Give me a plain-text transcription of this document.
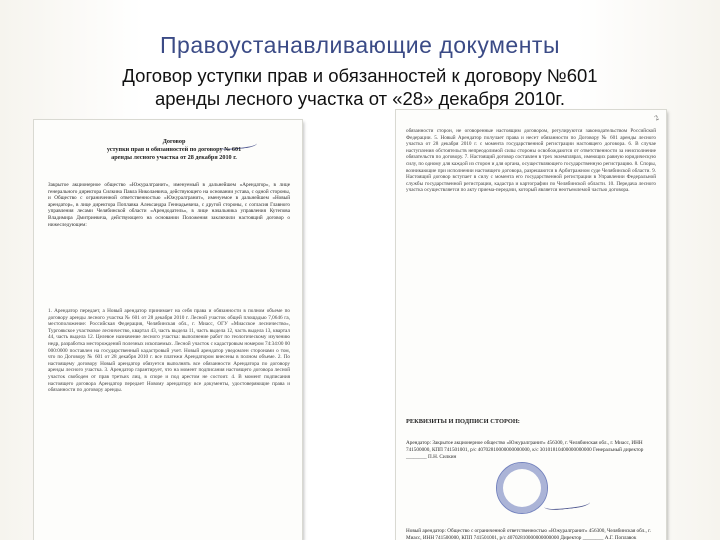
Правоустанавливающие документы
Договор уступки прав и обязанностей к договору №601 аренды лесного участка от «28» декабря 2010г.
Договор
уступки прав и обязанностей по договору № 601
аренды лесного участка от 28 декабря 2010 г.
Закрытое акционерное общество «Южуралгранит», именуемый в дальнейшем «Арендатор», в лице генерального директора Силкина Павла Николаевича, действующего на основании устава, с одной стороны, и Общество с ограниченной ответственностью «Южуралгранит», именуемое в дальнейшем «Новый арендатор», в лице директора Поплавка Александра Геннадьевича, с другой стороны, с согласия Главного управления лесами Челябинской области «Арендодатель», в лице начальника управления Кутепова Владимира Дмитриевича, действующего на основании Положения заключили настоящий договор о нижеследующем:
1. Арендатор передает, а Новый арендатор принимает на себя права и обязанности в полном объеме по договору аренды лесного участка № 601 от 28 декабря 2010 г. Лесной участок общей площадью 7,0646 га, местоположение: Российская Федерация, Челябинская обл., г. Миасс, ОГУ «Миасское лесничество», Тургоякское участковое лесничество, квартал 43, часть выдела 11, часть выдела 12, часть выдела 13, квартал 44, часть выдела 12. Целевое назначение лесного участка: выполнение работ по геологическому изучению недр, разработка месторождений полезных ископаемых. Лесной участок с кадастровым номером 74:34:00 00 000:0000 поставлен на государственный кадастровый учет. Новый арендатор уведомлен сторонами о том, что по Договору № 601 от 28 декабря 2010 г. все платежи Арендатором внесены в полном объеме. 2. По настоящему договору Новый арендатор обязуется выполнять все обязанности Арендатора по договору аренды лесного участка. 3. Арендатор гарантирует, что на момент подписания настоящего договора лесной участок свободен от прав третьих лиц, в споре и под арестом не состоит. 4. В момент подписания настоящего договора Арендатор передает Новому арендатору все документы, удостоверяющие права и обязанности по договору аренды.
2
обязанности сторон, не оговоренные настоящим договором, регулируются законодательством Российской Федерации. 5. Новый Арендатор получает права и несет обязанности по Договору № 601 аренды лесного участка от 28 декабря 2010 г. с момента государственной регистрации настоящего договора. 6. В случае наступления обстоятельств непреодолимой силы стороны освобождаются от ответственности за неисполнение обязательств по договору. 7. Настоящий договор составлен в трех экземплярах, имеющих равную юридическую силу, по одному для каждой из сторон и для органа, осуществляющего государственную регистрацию. 8. Споры, возникающие при исполнении настоящего договора, разрешаются в Арбитражном суде Челябинской области. 9. Настоящий договор вступает в силу с момента его государственной регистрации в Управлении Федеральной службы государственной регистрации, кадастра и картографии по Челябинской области. 10. Передача лесного участка осуществляется по акту приема-передачи, который является неотъемлемой частью договора.
РЕКВИЗИТЫ И ПОДПИСИ СТОРОН:
Арендатор: Закрытое акционерное общество «Южуралгранит» 456300, г. Челябинская обл., г. Миасс, ИНН 741500000, КПП 741501001, р/с 40702810000000000000, к/с 30101810400000000000 Генеральный директор ________ П.Н. Силкин
Новый арендатор: Общество с ограниченной ответственностью «Южуралгранит» 456300, Челябинская обл., г. Миасс, ИНН 741500000, КПП 741501001, р/с 40702810000000000000 Директор ________ А.Г. Поплавок
